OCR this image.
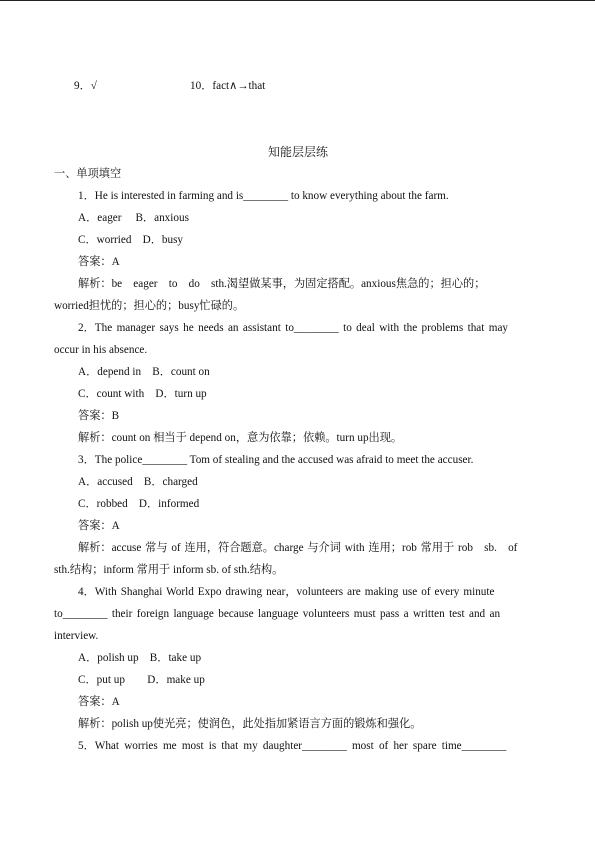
9．√	10．fact∧→that
知能层层练
一、单项填空
1．He is interested in farming and is________ to know everything about the farm.
A．eager　 B．anxious
C．worried　D．busy
答案：A
解析：be　eager　to　do　sth.渴望做某事，为固定搭配。anxious焦急的；担心的；
worried担忧的；担心的；busy忙碌的。
2．The manager says he needs an assistant to________ to deal with the problems that may
occur in his absence.
A．depend in　B．count on
C．count with　D．turn up
答案：B
解析：count on 相当于 depend on，意为依靠；依赖。turn up出现。
3．The police________ Tom of stealing and the accused was afraid to meet the accuser.
A．accused　B．charged
C．robbed　D．informed
答案：A
解析：accuse 常与 of 连用，符合题意。charge 与介词 with 连用；rob 常用于 rob　sb.　of
sth.结构；inform 常用于 inform sb. of sth.结构。
4．With Shanghai World Expo drawing near，volunteers are making use of every minute
to________ their foreign language because language volunteers must pass a written test and an
interview.
A．polish up　B．take up
C．put up　　D．make up
答案：A
解析：polish up使光亮；使润色，此处指加紧语言方面的锻炼和强化。
5．What worries me most is that my daughter________ most of her spare time________
